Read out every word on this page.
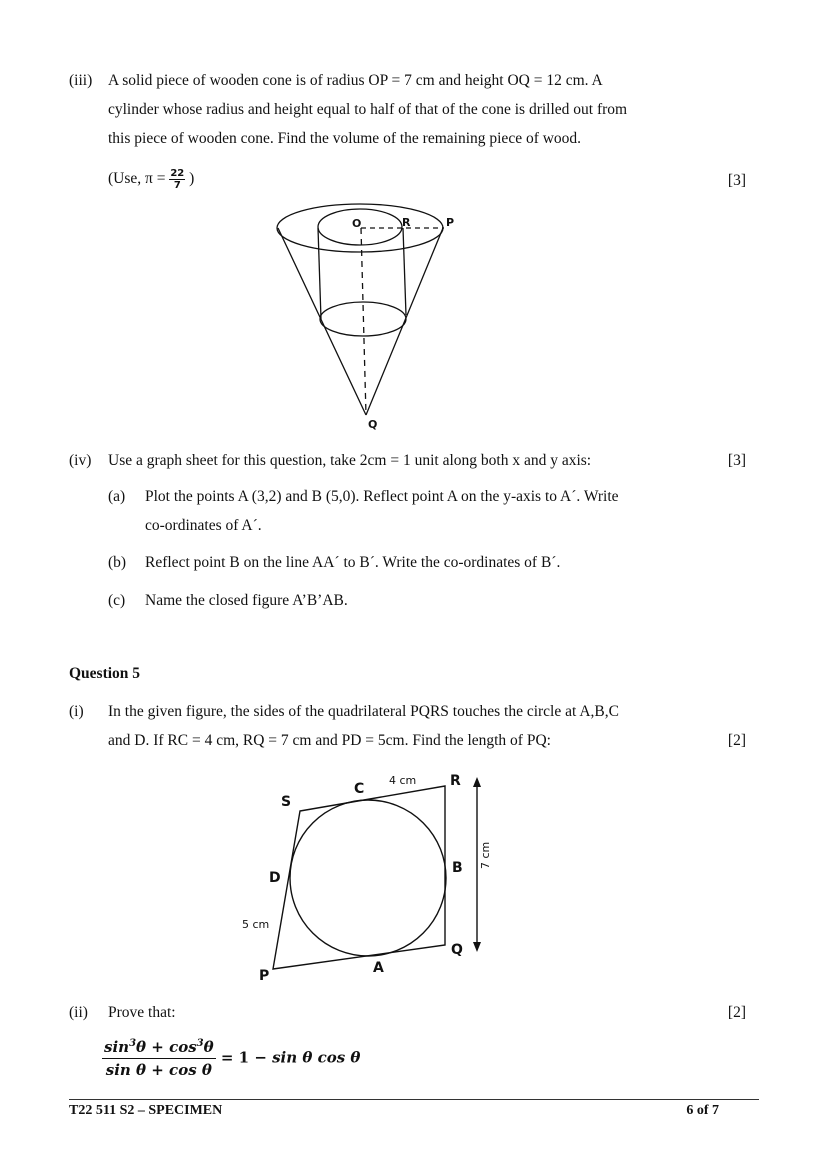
(iii) A solid piece of wooden cone is of radius OP = 7 cm and height OQ = 12 cm. A
cylinder whose radius and height equal to half of that of the cone is drilled out from
this piece of wooden cone. Find the volume of the remaining piece of wood.
(Use, $\pi = \frac{22}{7}$ )	[3]
O	R	P
Q
(iv) Use a graph sheet for this question, take 2cm = 1 unit along both x and y axis:	[3]
(a) Plot the points A (3,2) and B (5,0). Reflect point A on the y-axis to A´. Write
co-ordinates of A´.
(b) Reflect point B on the line AA´ to B´. Write the co-ordinates of B´.
(c) Name the closed figure A’B’AB.
Question 5
(i) In the given figure, the sides of the quadrilateral PQRS touches the circle at A,B,C
and D. If RC = 4 cm, RQ = 7 cm and PD = 5cm. Find the length of PQ:	[2]
S
C	R
B
D
Q
P	A
4 cm
5 cm
7 cm
(ii) Prove that:	[2]
$\frac{\sin^3\theta + \cos^3\theta}{\text{sin θ + cos θ}} = 1 - \sin \theta$ cos θ
T22 511 S2 – SPECIMEN	6 of 7
